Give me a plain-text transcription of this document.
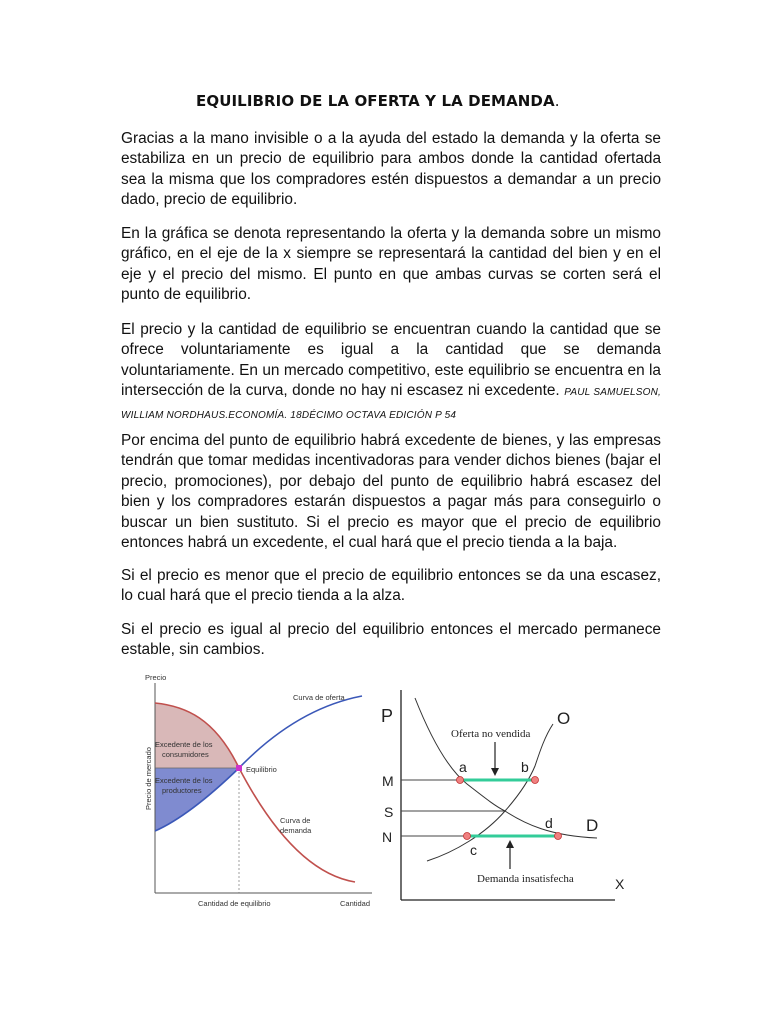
EQUILIBRIO DE LA OFERTA Y LA DEMANDA.

Gracias a la mano invisible o a la ayuda del estado la demanda y la oferta se estabiliza en un precio de equilibrio para ambos donde la cantidad ofertada sea la misma que los compradores estén dispuestos a demandar a un precio dado, precio de equilibrio.

En la gráfica se denota representando la oferta y la demanda sobre un mismo gráfico, en el eje de la x siempre se representará la cantidad del bien y en el eje y el precio del mismo. El punto en que ambas curvas se corten será el punto de equilibrio.

El precio y la cantidad de equilibrio se encuentran cuando la cantidad que se ofrece voluntariamente es igual a la cantidad que se demanda voluntariamente. En un mercado competitivo, este equilibrio se encuentra en la intersección de la curva, donde no hay ni escasez ni excedente. PAUL SAMUELSON, WILLIAM NORDHAUS.ECONOMÍA. 18DÉCIMO OCTAVA EDICIÓN P 54

Por encima del punto de equilibrio habrá excedente de bienes, y las empresas tendrán que tomar medidas incentivadoras para vender dichos bienes (bajar el precio, promociones), por debajo del punto de equilibrio habrá escasez del bien y los compradores estarán dispuestos a pagar más para conseguirlo o buscar un bien sustituto. Si el precio es mayor que el precio de equilibrio entonces habrá un excedente, el cual hará que el precio tienda a la baja.

Si el precio es menor que el precio de equilibrio entonces se da una escasez, lo cual hará que el precio tienda a la alza.

Si el precio es igual al precio del equilibrio entonces el mercado permanece estable, sin cambios.

Precio
Precio de mercado
Cantidad de equilibrio	Cantidad
Curva de oferta
Curva de
demanda
Equilibrio
Excedente de los
consumidores
Excedente de los
productores
P
X
O
D
M
S
N
a	b
c
d
Oferta no vendida
Demanda insatisfecha
